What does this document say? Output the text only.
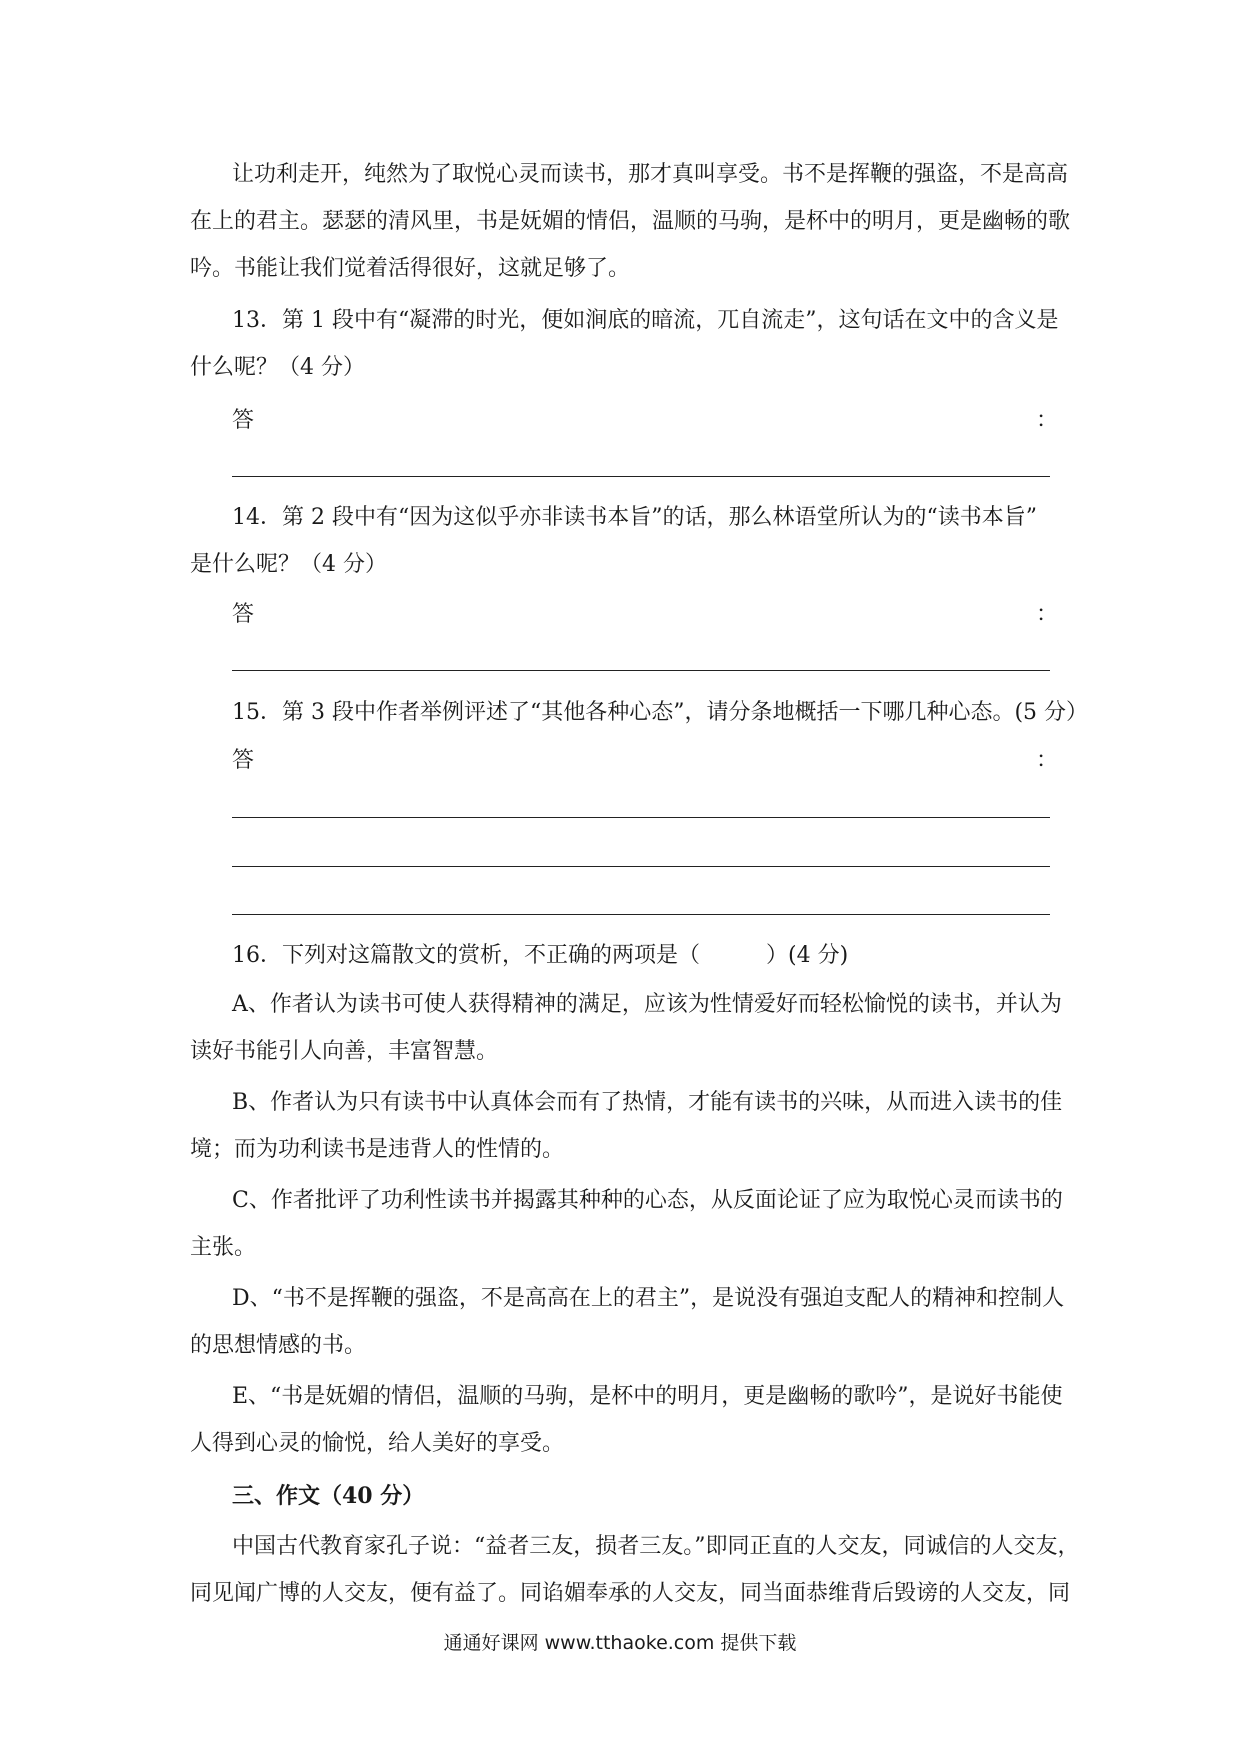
让功利走开，纯然为了取悦心灵而读书，那才真叫享受。书不是挥鞭的强盗，不是高高
在上的君主。瑟瑟的清风里，书是妩媚的情侣，温顺的马驹，是杯中的明月，更是幽畅的歌
吟。书能让我们觉着活得很好，这就足够了。
13．第 1 段中有“凝滞的时光，便如涧底的暗流，兀自流走”，这句话在文中的含义是
什么呢？（4 分）
答	：
14．第 2 段中有“因为这似乎亦非读书本旨”的话，那么林语堂所认为的“读书本旨”
是什么呢？（4 分）
答	：
15．第 3 段中作者举例评述了“其他各种心态”，请分条地概括一下哪几种心态。(5 分）
答	：
16．下列对这篇散文的赏析，不正确的两项是（　　　）(4 分)
A、作者认为读书可使人获得精神的满足，应该为性情爱好而轻松愉悦的读书，并认为
读好书能引人向善，丰富智慧。
B、作者认为只有读书中认真体会而有了热情，才能有读书的兴味，从而进入读书的佳
境；而为功利读书是违背人的性情的。
C、作者批评了功利性读书并揭露其种种的心态，从反面论证了应为取悦心灵而读书的
主张。
D、“书不是挥鞭的强盗，不是高高在上的君主”，是说没有强迫支配人的精神和控制人
的思想情感的书。
E、“书是妩媚的情侣，温顺的马驹，是杯中的明月，更是幽畅的歌吟”，是说好书能使
人得到心灵的愉悦，给人美好的享受。
三、作文（40 分）
中国古代教育家孔子说：“益者三友，损者三友。”即同正直的人交友，同诚信的人交友，
同见闻广博的人交友，便有益了。同谄媚奉承的人交友，同当面恭维背后毁谤的人交友，同
通通好课网 www.tthaoke.com 提供下载
